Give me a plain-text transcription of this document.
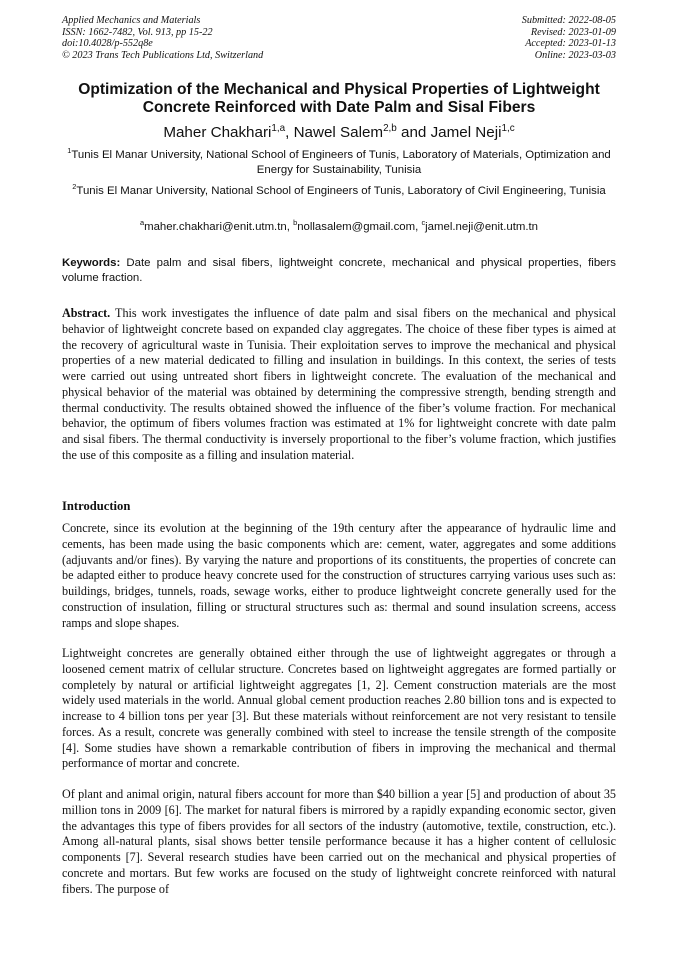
Applied Mechanics and Materials
ISSN: 1662-7482, Vol. 913, pp 15-22
doi:10.4028/p-552q8e
© 2023 Trans Tech Publications Ltd, Switzerland
Submitted: 2022-08-05
Revised: 2023-01-09
Accepted: 2023-01-13
Online: 2023-03-03
Optimization of the Mechanical and Physical Properties of Lightweight Concrete Reinforced with Date Palm and Sisal Fibers
Maher Chakhari$^{1,a}$, Nawel Salem$^{2,b}$ and Jamel Neji$^{1,c}$
$^1$Tunis El Manar University, National School of Engineers of Tunis, Laboratory of Materials, Optimization and Energy for Sustainability, Tunisia
$^2$Tunis El Manar University, National School of Engineers of Tunis, Laboratory of Civil Engineering, Tunisia
$^a$maher.chakhari@enit.utm.tn, $^b$nollasalem@gmail.com, $^c$jamel.neji@enit.utm.tn
Keywords: Date palm and sisal fibers, lightweight concrete, mechanical and physical properties, fibers volume fraction.
Abstract. This work investigates the influence of date palm and sisal fibers on the mechanical and physical behavior of lightweight concrete based on expanded clay aggregates. The choice of these fiber types is aimed at the recovery of agricultural waste in Tunisia. Their exploitation serves to improve the mechanical and physical properties of a new material dedicated to filling and insulation in buildings. In this context, the series of tests were carried out using untreated short fibers in lightweight concrete. The evaluation of the mechanical and physical behavior of the material was obtained by determining the compressive strength, bending strength and thermal conductivity. The results obtained showed the influence of the fiber’s volume fraction. For mechanical behavior, the optimum of fibers volumes fraction was estimated at 1% for lightweight concrete with date palm and sisal fibers. The thermal conductivity is inversely proportional to the fiber’s volume fraction, which justifies the use of this composite as a filling and insulation material.
Introduction
Concrete, since its evolution at the beginning of the 19th century after the appearance of hydraulic lime and cements, has been made using the basic components which are: cement, water, aggregates and some additions (adjuvants and/or fines). By varying the nature and proportions of its constituents, the properties of concrete can be adapted either to produce heavy concrete used for the construction of structures carrying various uses such as: buildings, bridges, tunnels, roads, sewage works, either to produce lightweight concrete generally used for the construction of insulation, filling or structural structures such as: thermal and sound insulation screens, access ramps and slope shapes.
Lightweight concretes are generally obtained either through the use of lightweight aggregates or through a loosened cement matrix of cellular structure. Concretes based on lightweight aggregates are formed partially or completely by natural or artificial lightweight aggregates [1, 2]. Cement construction materials are the most widely used materials in the world. Annual global cement production reaches 2.80 billion tons and is expected to increase to 4 billion tons per year [3]. But these materials without reinforcement are not very resistant to tensile forces. As a result, concrete was generally combined with steel to increase the tensile strength of the composite [4]. Some studies have shown a remarkable contribution of fibers in improving the mechanical and thermal performance of mortar and concrete.
Of plant and animal origin, natural fibers account for more than $40 billion a year [5] and production of about 35 million tons in 2009 [6]. The market for natural fibers is mirrored by a rapidly expanding economic sector, given the advantages this type of fibers provides for all sectors of the industry (automotive, textile, construction, etc.). Among all-natural plants, sisal shows better tensile performance because it has a higher content of cellulosic components [7]. Several research studies have been carried out on the mechanical and physical properties of concrete and mortars. But few works are focused on the study of lightweight concrete reinforced with natural fibers. The purpose of
